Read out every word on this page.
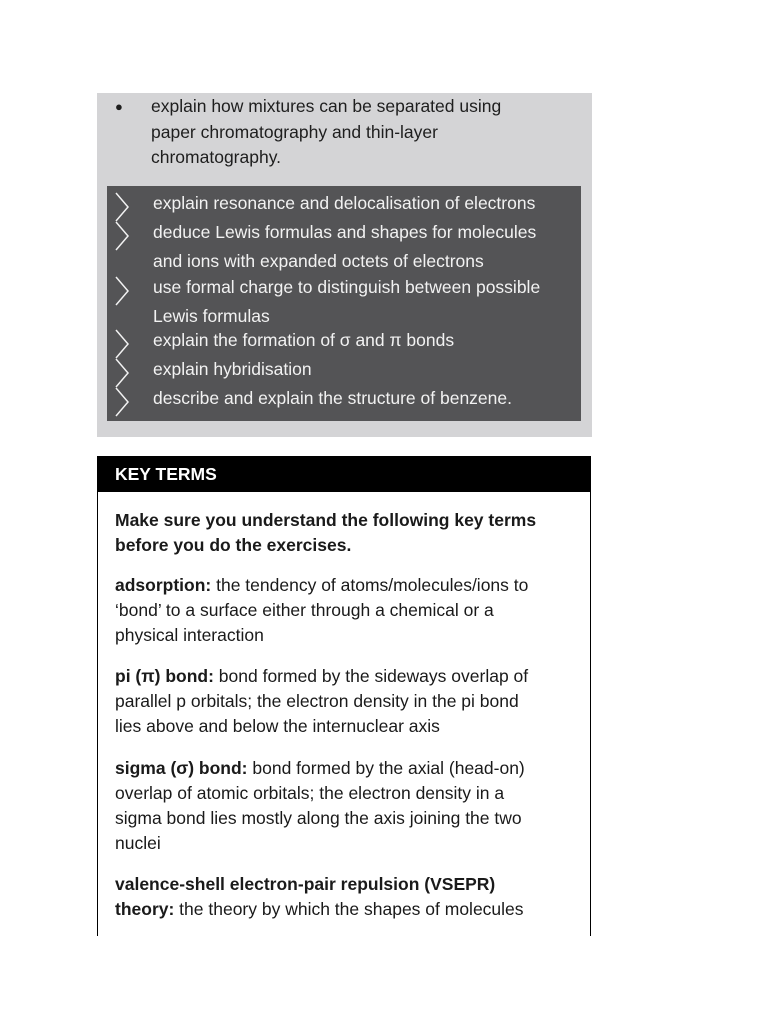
●	explain how mixtures can be separated using
paper chromatography and thin-layer
chromatography.
explain resonance and delocalisation of electrons
deduce Lewis formulas and shapes for molecules
and ions with expanded octets of electrons
use formal charge to distinguish between possible
Lewis formulas
explain the formation of σ and π bonds
explain hybridisation
describe and explain the structure of benzene.
KEY TERMS
Make sure you understand the following key terms
before you do the exercises.
adsorption: the tendency of atoms/molecules/ions to
‘bond’ to a surface either through a chemical or a
physical interaction
pi (π) bond: bond formed by the sideways overlap of
parallel p orbitals; the electron density in the pi bond
lies above and below the internuclear axis
sigma (σ) bond: bond formed by the axial (head-on)
overlap of atomic orbitals; the electron density in a
sigma bond lies mostly along the axis joining the two
nuclei
valence-shell electron-pair repulsion (VSEPR)
theory: the theory by which the shapes of molecules
